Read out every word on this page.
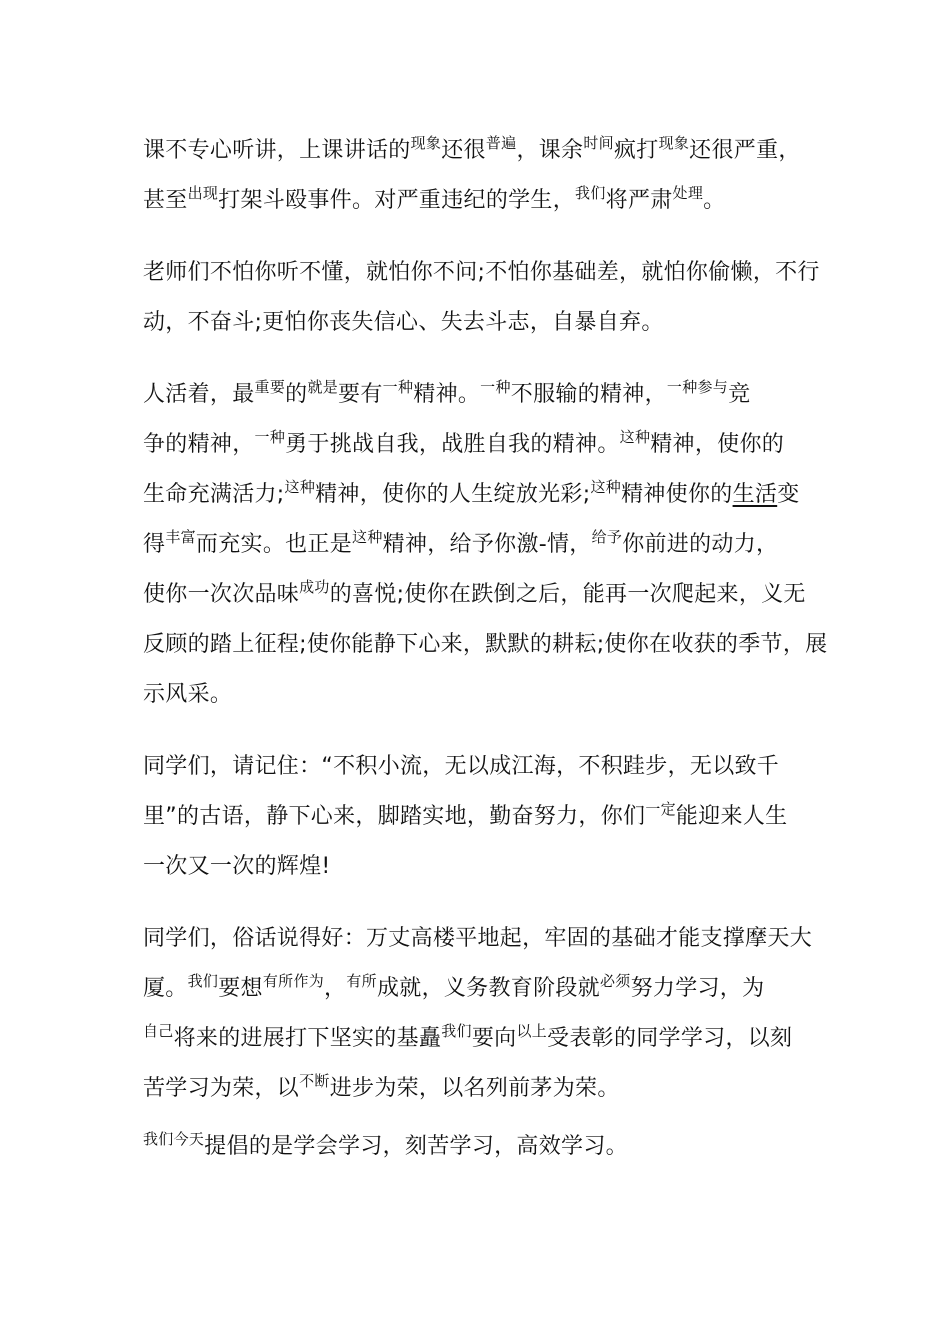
课不专心听讲，上课讲话的$^{现象}$还很$^{普遍}$，课余$^{时间}$疯打$^{现象}$还很严重，
甚至$^{出现}$打架斗殴事件。对严重违纪的学生，$^{我们}$将严肃$^{处理}$。
老师们不怕你听不懂，就怕你不问;不怕你基础差，就怕你偷懒，不行
动，不奋斗;更怕你丧失信心、失去斗志，自暴自弃。
人活着，最$^{重要}$的$^{就是}$要有$^{一种}$精神。$^{一种}$不服输的精神，$^{一种参与}$竞
争的精神，$^{一种}$勇于挑战自我，战胜自我的精神。$^{这种}$精神，使你的
生命充满活力;$^{这种}$精神，使你的人生绽放光彩;$^{这种}$精神使你的生活变
得$^{丰富}$而充实。也正是$^{这种}$精神，给予你激-情，$^{给予}$你前进的动力，
使你一次次品味$^{成功}$的喜悦;使你在跌倒之后，能再一次爬起来，义无
反顾的踏上征程;使你能静下心来，默默的耕耘;使你在收获的季节，展
示风采。
同学们，请记住：“不积小流，无以成江海，不积跬步，无以致千
里”的古语，静下心来，脚踏实地，勤奋努力，你们$^{一定}$能迎来人生
一次又一次的辉煌!
同学们，俗话说得好：万丈高楼平地起，牢固的基础才能支撑摩天大
厦。$^{我们}$要想$^{有所作为}$，$^{有所}$成就，义务教育阶段就$^{必须}$努力学习，为
$^{自己}$将来的进展打下坚实的基矗$^{我们}$要向$^{以上}$受表彰的同学学习，以刻
苦学习为荣，以$^{不断}$进步为荣，以名列前茅为荣。
$^{我们今天}$提倡的是学会学习，刻苦学习，高效学习。
